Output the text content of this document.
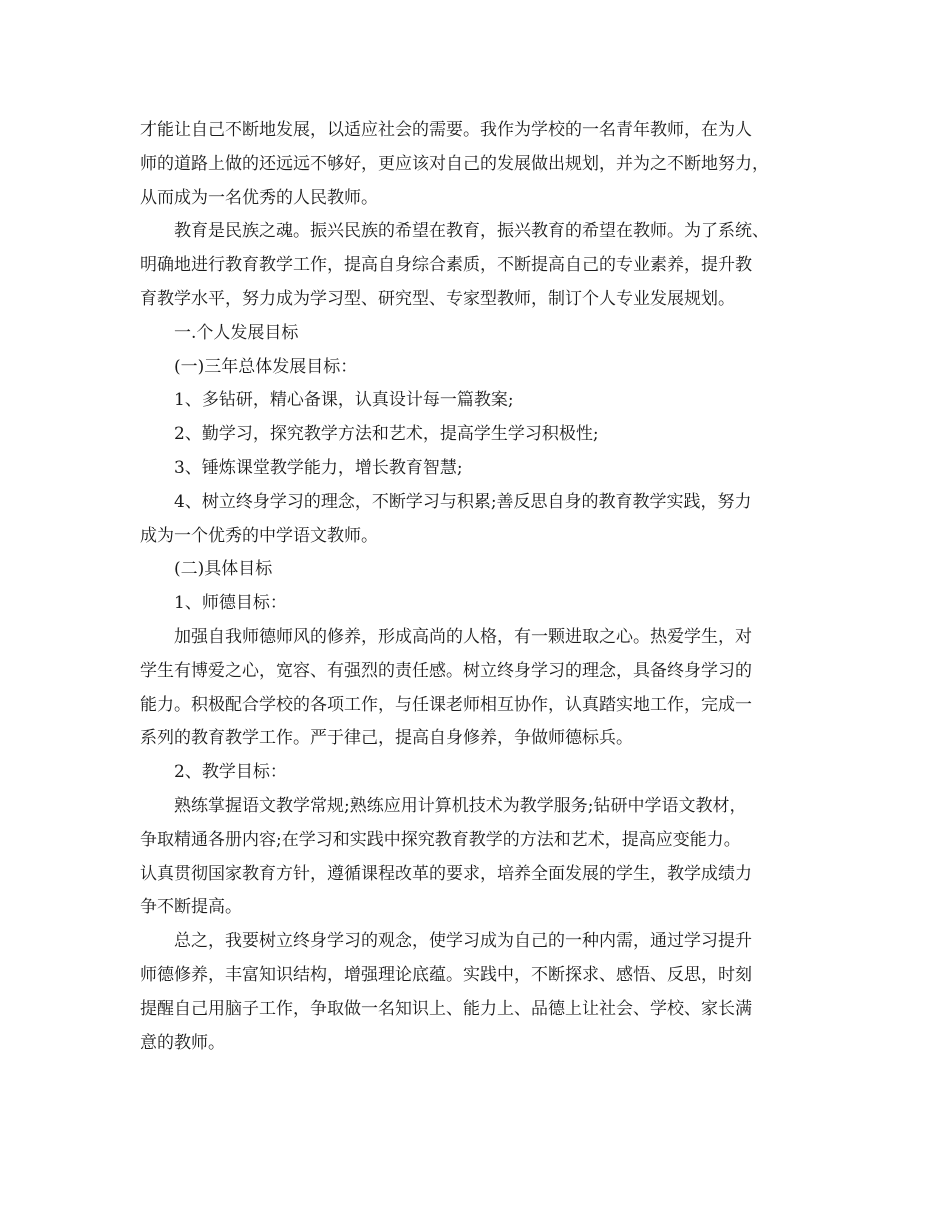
才能让自己不断地发展，以适应社会的需要。我作为学校的一名青年教师，在为人
师的道路上做的还远远不够好，更应该对自己的发展做出规划，并为之不断地努力，
从而成为一名优秀的人民教师。
教育是民族之魂。振兴民族的希望在教育，振兴教育的希望在教师。为了系统、
明确地进行教育教学工作，提高自身综合素质，不断提高自己的专业素养，提升教
育教学水平，努力成为学习型、研究型、专家型教师，制订个人专业发展规划。
一.个人发展目标
(一)三年总体发展目标：
1、多钻研，精心备课，认真设计每一篇教案;
2、勤学习，探究教学方法和艺术，提高学生学习积极性;
3、锤炼课堂教学能力，增长教育智慧;
4、树立终身学习的理念，不断学习与积累;善反思自身的教育教学实践，努力
成为一个优秀的中学语文教师。
(二)具体目标
1、师德目标：
加强自我师德师风的修养，形成高尚的人格，有一颗进取之心。热爱学生，对
学生有博爱之心，宽容、有强烈的责任感。树立终身学习的理念，具备终身学习的
能力。积极配合学校的各项工作，与任课老师相互协作，认真踏实地工作，完成一
系列的教育教学工作。严于律己，提高自身修养，争做师德标兵。
2、教学目标：
熟练掌握语文教学常规;熟练应用计算机技术为教学服务;钻研中学语文教材，
争取精通各册内容;在学习和实践中探究教育教学的方法和艺术，提高应变能力。
认真贯彻国家教育方针，遵循课程改革的要求，培养全面发展的学生，教学成绩力
争不断提高。
总之，我要树立终身学习的观念，使学习成为自己的一种内需，通过学习提升
师德修养，丰富知识结构，增强理论底蕴。实践中，不断探求、感悟、反思，时刻
提醒自己用脑子工作，争取做一名知识上、能力上、品德上让社会、学校、家长满
意的教师。
